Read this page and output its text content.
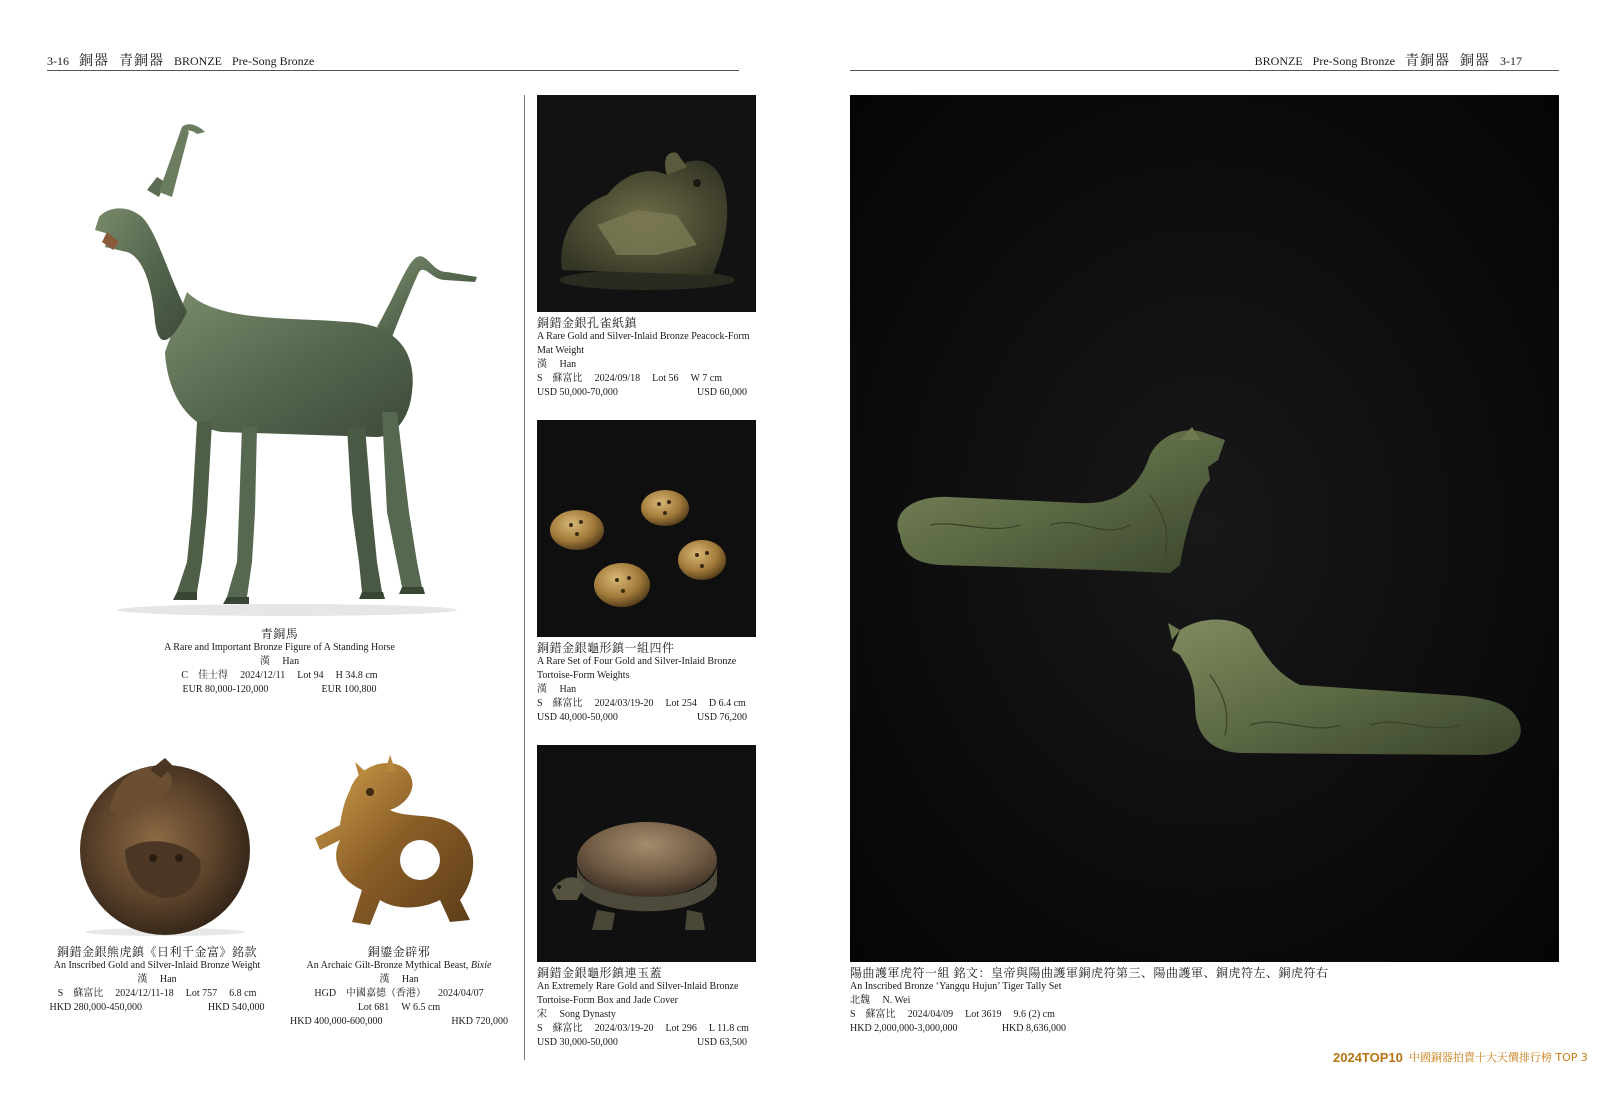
3-16 銅器 青銅器 BRONZE Pre-Song Bronze	BRONZE Pre-Song Bronze 青銅器 銅器 3-17
青銅馬
A Rare and Important Bronze Figure of A Standing Horse
漢　 Han
C　佳士得 2024/12/11 Lot 94 H 34.8 cm
EUR 80,000-120,000	EUR 100,800
銅錯金銀熊虎鎮《日利千金富》銘款
An Inscribed Gold and Silver-Inlaid Bronze Weight
漢　 Han
S　蘇富比 2024/12/11-18 Lot 757 6.8 cm
HKD 280,000-450,000	HKD 540,000
銅鎏金辟邪
An Archaic Gilt-Bronze Mythical Beast, Bixie
漢　 Han
HGD　中國嘉德（香港） 2024/04/07
Lot 681 W 6.5 cm
HKD 400,000-600,000	HKD 720,000
銅錯金銀孔雀紙鎮
A Rare Gold and Silver-Inlaid Bronze Peacock-Form
Mat Weight
漢　 Han
S　蘇富比 2024/09/18 Lot 56 W 7 cm
USD 50,000-70,000	USD 60,000
銅錯金銀龜形鎮一組四件
A Rare Set of Four Gold and Silver-Inlaid Bronze
Tortoise-Form Weights
漢　 Han
S　蘇富比 2024/03/19-20 Lot 254 D 6.4 cm
USD 40,000-50,000	USD 76,200
銅錯金銀龜形鎮連玉蓋
An Extremely Rare Gold and Silver-Inlaid Bronze
Tortoise-Form Box and Jade Cover
宋　 Song Dynasty
S　蘇富比 2024/03/19-20 Lot 296 L 11.8 cm
USD 30,000-50,000	USD 63,500
陽曲護軍虎符一組 銘文：皇帝與陽曲護軍銅虎符第三、陽曲護軍、銅虎符左、銅虎符右
An Inscribed Bronze ‘Yangqu Hujun’ Tiger Tally Set
北魏　 N. Wei
S　蘇富比 2024/04/09 Lot 3619 9.6 (2) cm
HKD 2,000,000-3,000,000	HKD 8,636,000
2024TOP10 中國銅器拍賣十大天價排行榜 TOP 3
